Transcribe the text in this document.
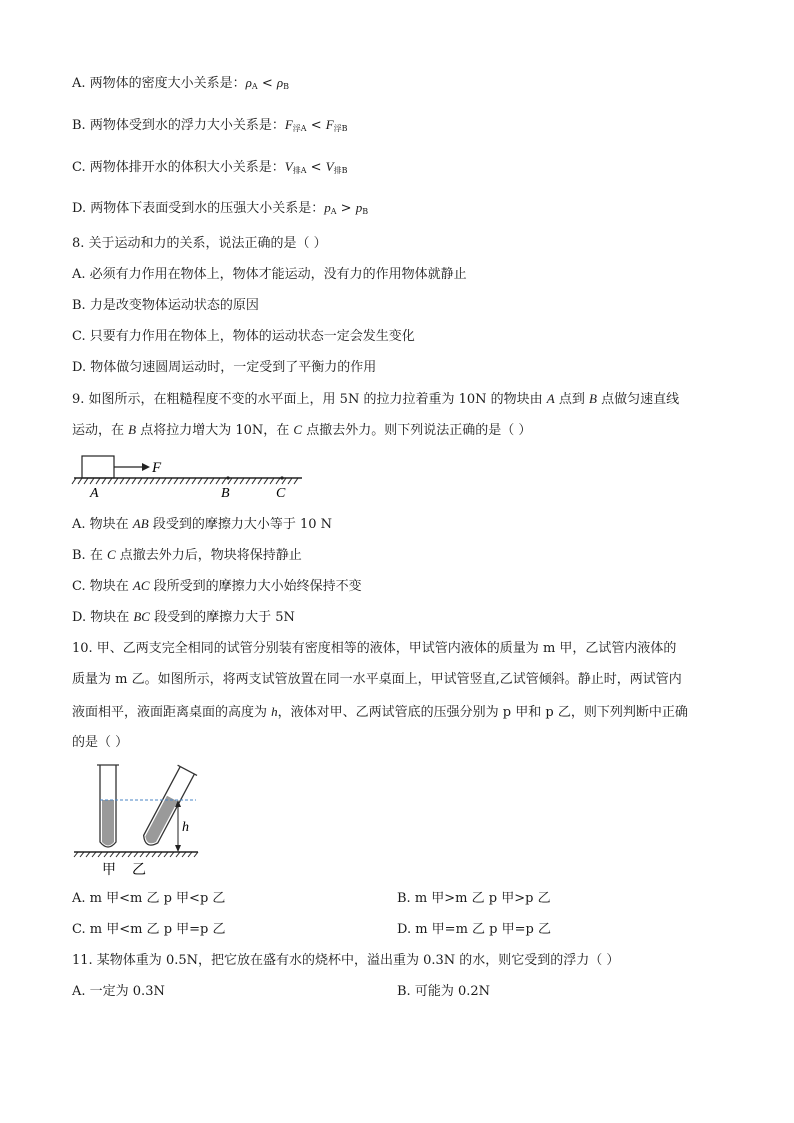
A. 两物体的密度大小关系是：$\rho_A < \rho_B$
B. 两物体受到水的浮力大小关系是：$F_{浮A} < F_{浮B}$
C. 两物体排开水的体积大小关系是：$V_{排A} < V_{排B}$
D. 两物体下表面受到水的压强大小关系是：$p_A > p_B$
8. 关于运动和力的关系，说法正确的是（ ）
A. 必须有力作用在物体上，物体才能运动，没有力的作用物体就静止
B. 力是改变物体运动状态的原因
C. 只要有力作用在物体上，物体的运动状态一定会发生变化
D. 物体做匀速圆周运动时，一定受到了平衡力的作用
9. 如图所示，在粗糙程度不变的水平面上，用 5N 的拉力拉着重为 10N 的物块由 A 点到 B 点做匀速直线
运动，在 B 点将拉力增大为 10N，在 C 点撤去外力。则下列说法正确的是（ ）
F
A	B	C
A. 物块在 AB 段受到的摩擦力大小等于 10 N
B. 在 C 点撤去外力后，物块将保持静止
C. 物块在 AC 段所受到的摩擦力大小始终保持不变
D. 物块在 BC 段受到的摩擦力大于 5N
10. 甲、乙两支完全相同的试管分别装有密度相等的液体，甲试管内液体的质量为 m 甲，乙试管内液体的
质量为 m 乙。如图所示，将两支试管放置在同一水平桌面上，甲试管竖直,乙试管倾斜。静止时，两试管内
液面相平，液面距离桌面的高度为 h，液体对甲、乙两试管底的压强分别为 p 甲和 p 乙，则下列判断中正确
的是（ ）
h
甲 乙
A. m 甲<m 乙 p 甲<p 乙	B. m 甲>m 乙 p 甲>p 乙
C. m 甲<m 乙 p 甲=p 乙	D. m 甲=m 乙 p 甲=p 乙
11. 某物体重为 0.5N，把它放在盛有水的烧杯中，溢出重为 0.3N 的水，则它受到的浮力（ ）
A. 一定为 0.3N	B. 可能为 0.2N
